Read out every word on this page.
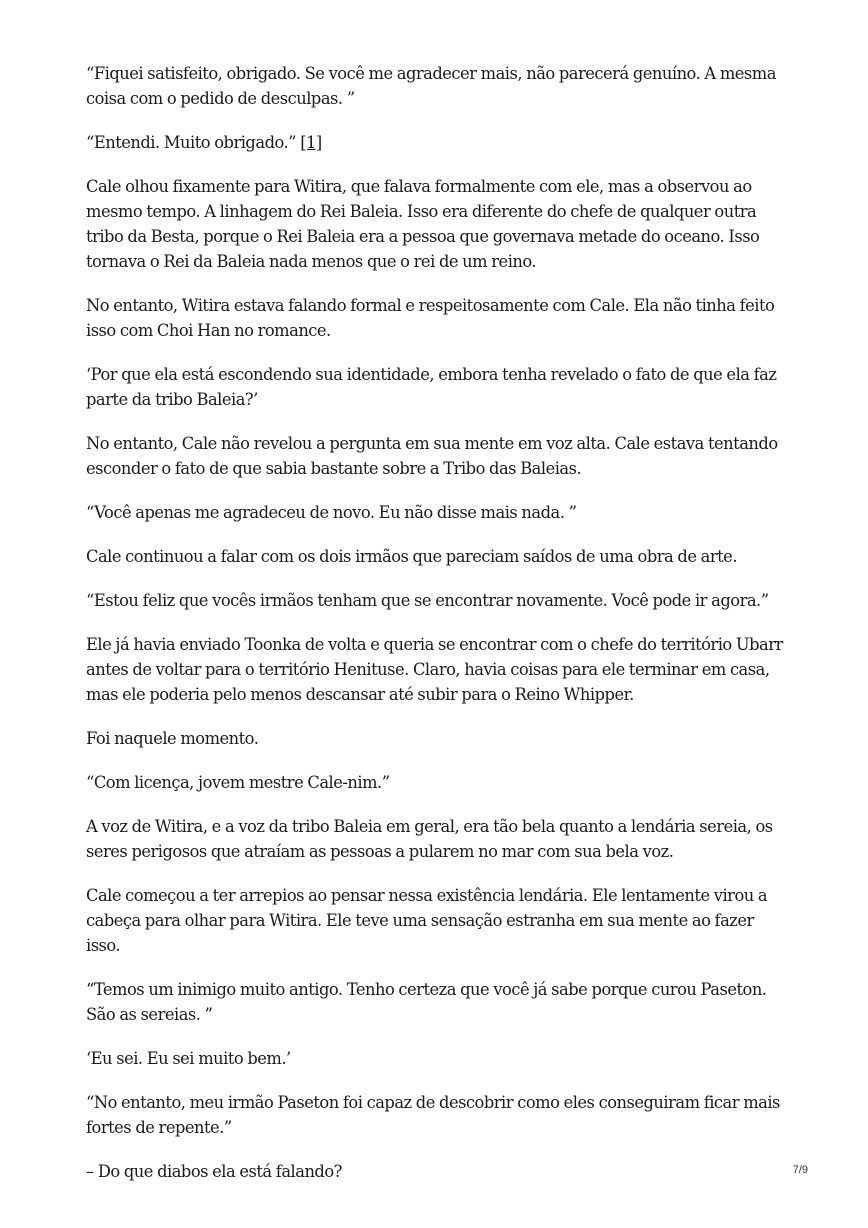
“Fiquei satisfeito, obrigado. Se você me agradecer mais, não parecerá genuíno. A mesma coisa com o pedido de desculpas. ”

“Entendi. Muito obrigado.” [1]

Cale olhou fixamente para Witira, que falava formalmente com ele, mas a observou ao mesmo tempo. A linhagem do Rei Baleia. Isso era diferente do chefe de qualquer outra tribo da Besta, porque o Rei Baleia era a pessoa que governava metade do oceano. Isso tornava o Rei da Baleia nada menos que o rei de um reino.

No entanto, Witira estava falando formal e respeitosamente com Cale. Ela não tinha feito isso com Choi Han no romance.

‘Por que ela está escondendo sua identidade, embora tenha revelado o fato de que ela faz parte da tribo Baleia?’

No entanto, Cale não revelou a pergunta em sua mente em voz alta. Cale estava tentando esconder o fato de que sabia bastante sobre a Tribo das Baleias.

“Você apenas me agradeceu de novo. Eu não disse mais nada. ”

Cale continuou a falar com os dois irmãos que pareciam saídos de uma obra de arte.

“Estou feliz que vocês irmãos tenham que se encontrar novamente. Você pode ir agora.”

Ele já havia enviado Toonka de volta e queria se encontrar com o chefe do território Ubarr antes de voltar para o território Henituse. Claro, havia coisas para ele terminar em casa, mas ele poderia pelo menos descansar até subir para o Reino Whipper.

Foi naquele momento.

“Com licença, jovem mestre Cale-nim.”

A voz de Witira, e a voz da tribo Baleia em geral, era tão bela quanto a lendária sereia, os seres perigosos que atraíam as pessoas a pularem no mar com sua bela voz.

Cale começou a ter arrepios ao pensar nessa existência lendária. Ele lentamente virou a cabeça para olhar para Witira. Ele teve uma sensação estranha em sua mente ao fazer isso.

“Temos um inimigo muito antigo. Tenho certeza que você já sabe porque curou Paseton. São as sereias. ”

‘Eu sei. Eu sei muito bem.’

“No entanto, meu irmão Paseton foi capaz de descobrir como eles conseguiram ficar mais fortes de repente.”

– Do que diabos ela está falando?	7/9
